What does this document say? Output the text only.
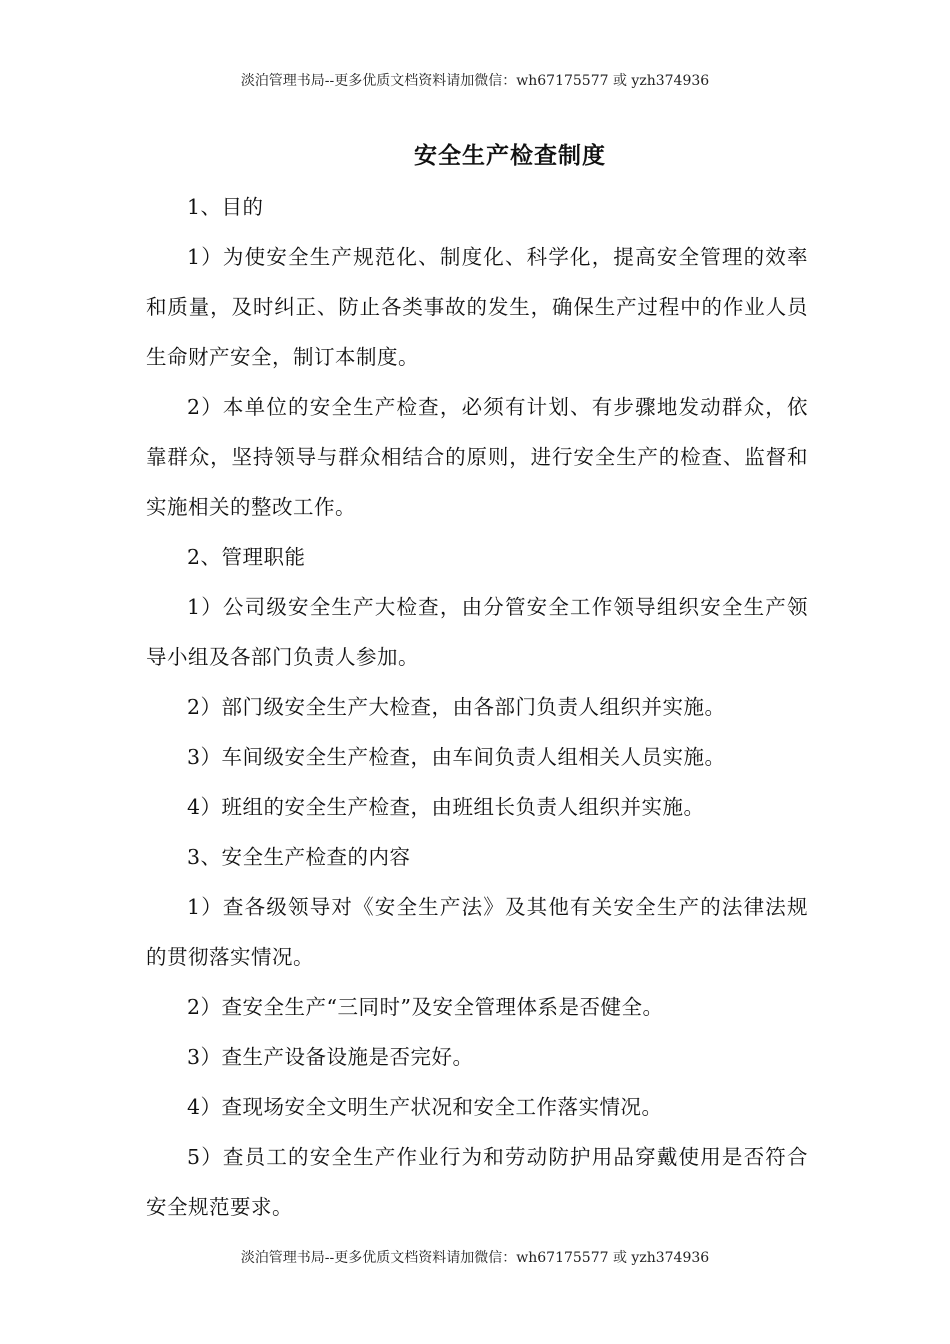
淡泊管理书局--更多优质文档资料请加微信：wh67175577 或 yzh374936
安全生产检查制度

1、目的

1）为使安全生产规范化、制度化、科学化，提高安全管理的效率和质量，及时纠正、防止各类事故的发生，确保生产过程中的作业人员生命财产安全，制订本制度。

2）本单位的安全生产检查，必须有计划、有步骤地发动群众，依靠群众，坚持领导与群众相结合的原则，进行安全生产的检查、监督和实施相关的整改工作。

2、管理职能

1）公司级安全生产大检查，由分管安全工作领导组织安全生产领导小组及各部门负责人参加。

2）部门级安全生产大检查，由各部门负责人组织并实施。

3）车间级安全生产检查，由车间负责人组相关人员实施。

4）班组的安全生产检查，由班组长负责人组织并实施。

3、安全生产检查的内容

1）查各级领导对《安全生产法》及其他有关安全生产的法律法规的贯彻落实情况。

2）查安全生产“三同时”及安全管理体系是否健全。

3）查生产设备设施是否完好。

4）查现场安全文明生产状况和安全工作落实情况。

5）查员工的安全生产作业行为和劳动防护用品穿戴使用是否符合安全规范要求。

淡泊管理书局--更多优质文档资料请加微信：wh67175577 或 yzh374936
